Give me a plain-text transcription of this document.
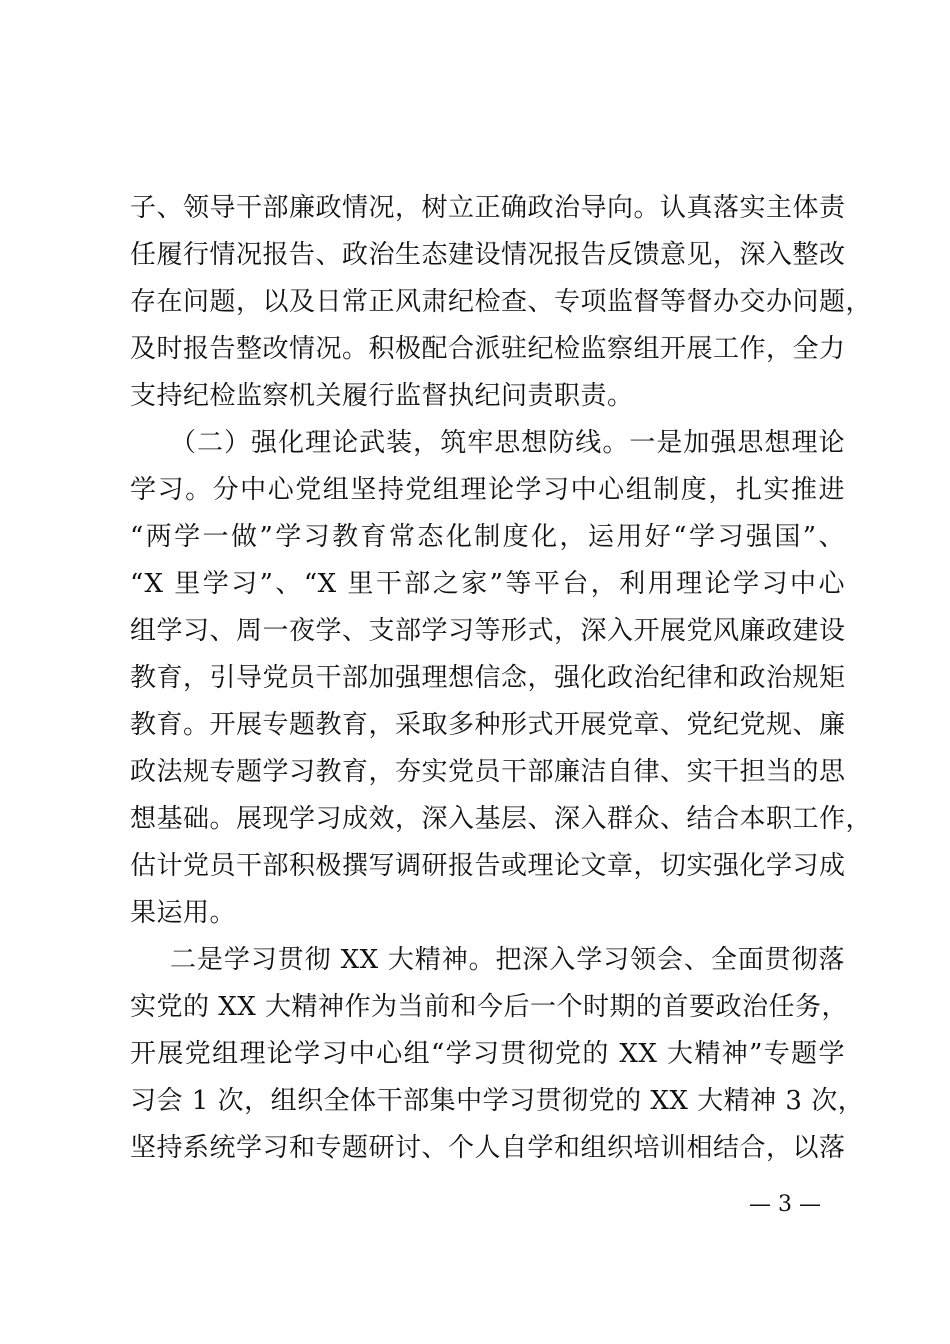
子、领导干部廉政情况，树立正确政治导向。认真落实主体责
任履行情况报告、政治生态建设情况报告反馈意见，深入整改
存在问题，以及日常正风肃纪检查、专项监督等督办交办问题，
及时报告整改情况。积极配合派驻纪检监察组开展工作，全力
支持纪检监察机关履行监督执纪问责职责。
（二）强化理论武装，筑牢思想防线。一是加强思想理论
学习。分中心党组坚持党组理论学习中心组制度，扎实推进
“两学一做”学习教育常态化制度化，运用好“学习强国”、
“X 里学习”、“X 里干部之家”等平台，利用理论学习中心
组学习、周一夜学、支部学习等形式，深入开展党风廉政建设
教育，引导党员干部加强理想信念，强化政治纪律和政治规矩
教育。开展专题教育，采取多种形式开展党章、党纪党规、廉
政法规专题学习教育，夯实党员干部廉洁自律、实干担当的思
想基础。展现学习成效，深入基层、深入群众、结合本职工作，
估计党员干部积极撰写调研报告或理论文章，切实强化学习成
果运用。
二是学习贯彻 XX 大精神。把深入学习领会、全面贯彻落
实党的 XX 大精神作为当前和今后一个时期的首要政治任务，
开展党组理论学习中心组“学习贯彻党的 XX 大精神”专题学
习会 1 次，组织全体干部集中学习贯彻党的 XX 大精神 3 次，
坚持系统学习和专题研讨、个人自学和组织培训相结合，以落
— 3 —
